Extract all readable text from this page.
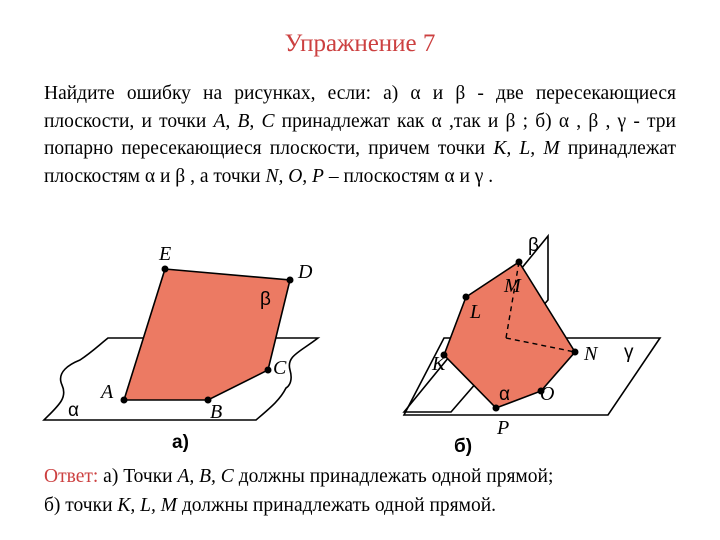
Упражнение 7
Найдите ошибку на рисунках, если: а) α и β - две пересекающиеся плоскости, и точки A, B, C принадлежат как α ,так и β ; б) α , β , γ - три попарно пересекающиеся плоскости, причем точки K, L, M принадлежат плоскостям α и β , а точки N, O, P – плоскостям α и γ .
E
D
C
A
B
β
α
а)
M
L
K	N
O
P
β
γ
α
б)
Ответ: а) Точки A, B, C должны принадлежать одной прямой;
б) точки K, L, M должны принадлежать одной прямой.
